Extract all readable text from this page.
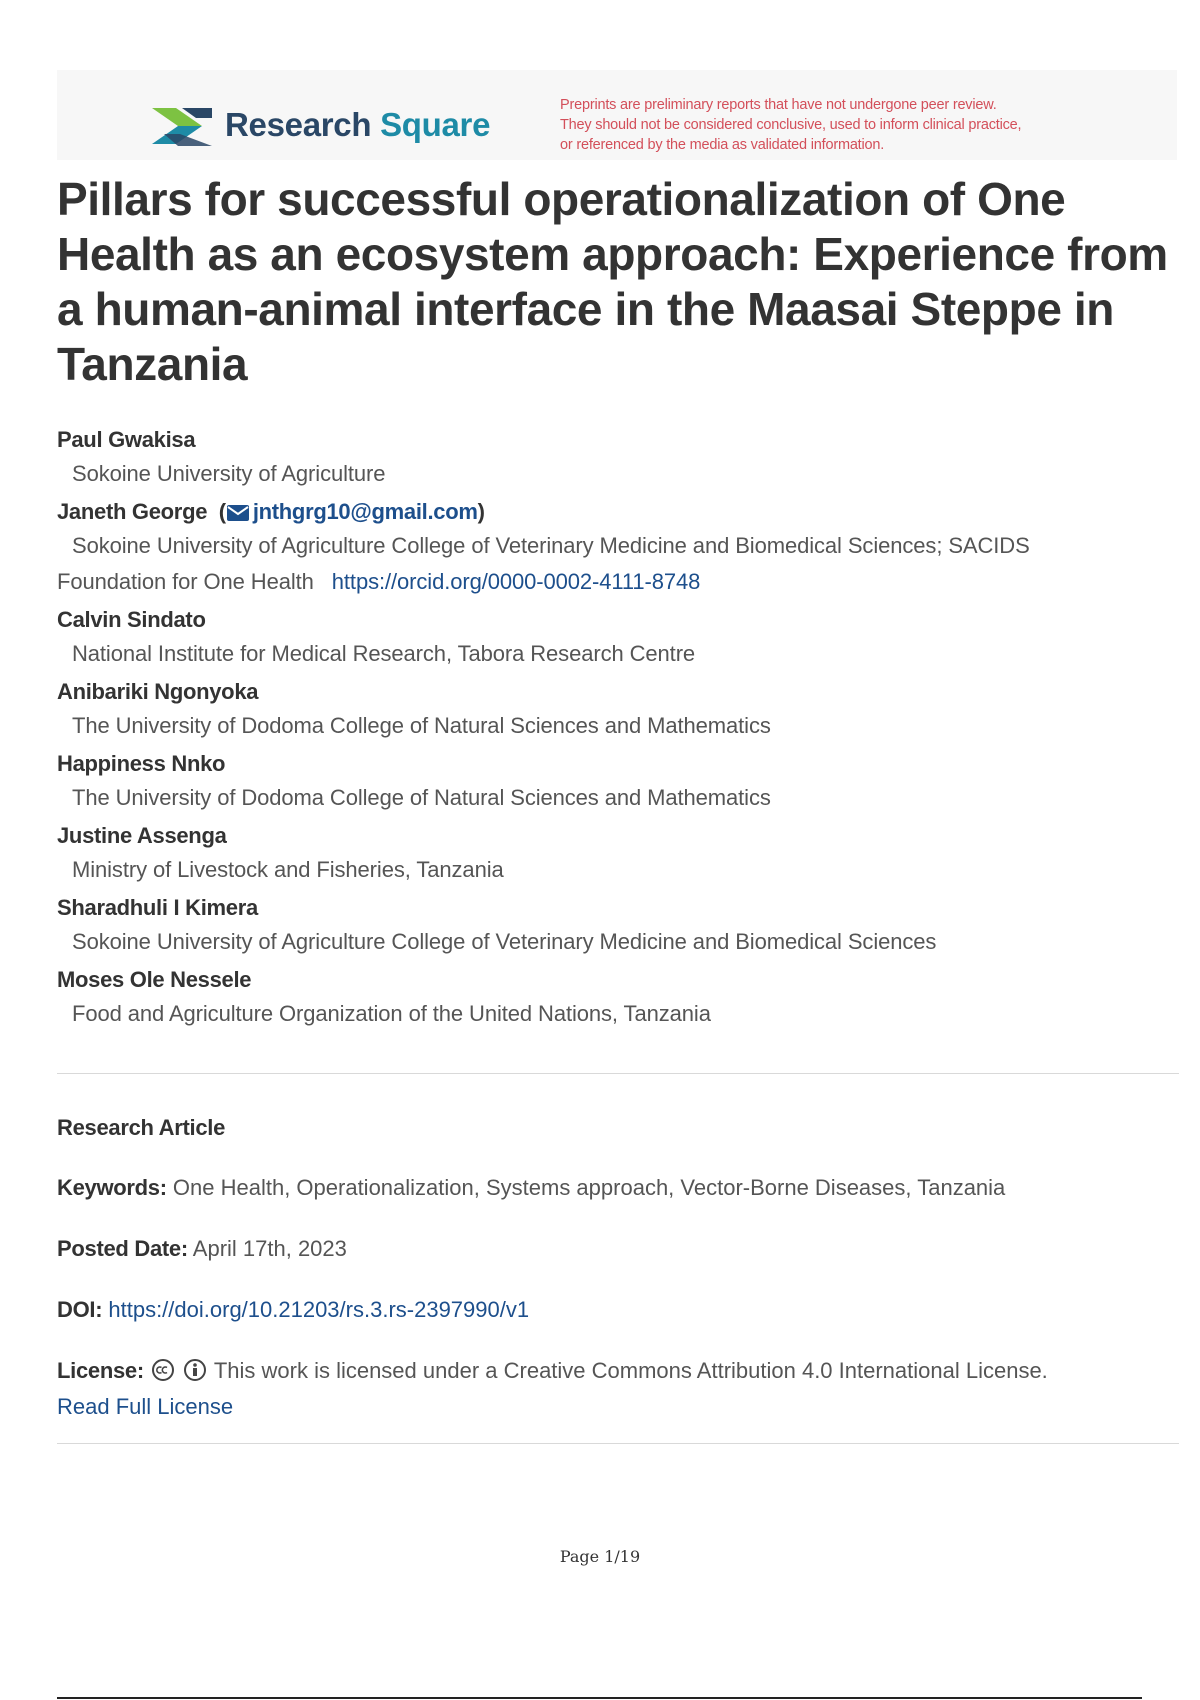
Research Square
Preprints are preliminary reports that have not undergone peer review.
They should not be considered conclusive, used to inform clinical practice,
or referenced by the media as validated information.
Pillars for successful operationalization of One Health as an ecosystem approach: Experience from a human-animal interface in the Maasai Steppe in Tanzania
Paul Gwakisa
Sokoine University of Agriculture
Janeth George  ( jnthgrg10@gmail.com)
Sokoine University of Agriculture College of Veterinary Medicine and Biomedical Sciences; SACIDS
Foundation for One Health https://orcid.org/0000-0002-4111-8748
Calvin Sindato
National Institute for Medical Research, Tabora Research Centre
Anibariki Ngonyoka
The University of Dodoma College of Natural Sciences and Mathematics
Happiness Nnko
The University of Dodoma College of Natural Sciences and Mathematics
Justine Assenga
Ministry of Livestock and Fisheries, Tanzania
Sharadhuli I Kimera
Sokoine University of Agriculture College of Veterinary Medicine and Biomedical Sciences
Moses Ole Nessele
Food and Agriculture Organization of the United Nations, Tanzania
Research Article
Keywords: One Health, Operationalization, Systems approach, Vector-Borne Diseases, Tanzania
Posted Date: April 17th, 2023
DOI: https://doi.org/10.21203/rs.3.rs-2397990/v1
License:	This work is licensed under a Creative Commons Attribution 4.0 International License.
Read Full License
Page 1/19
